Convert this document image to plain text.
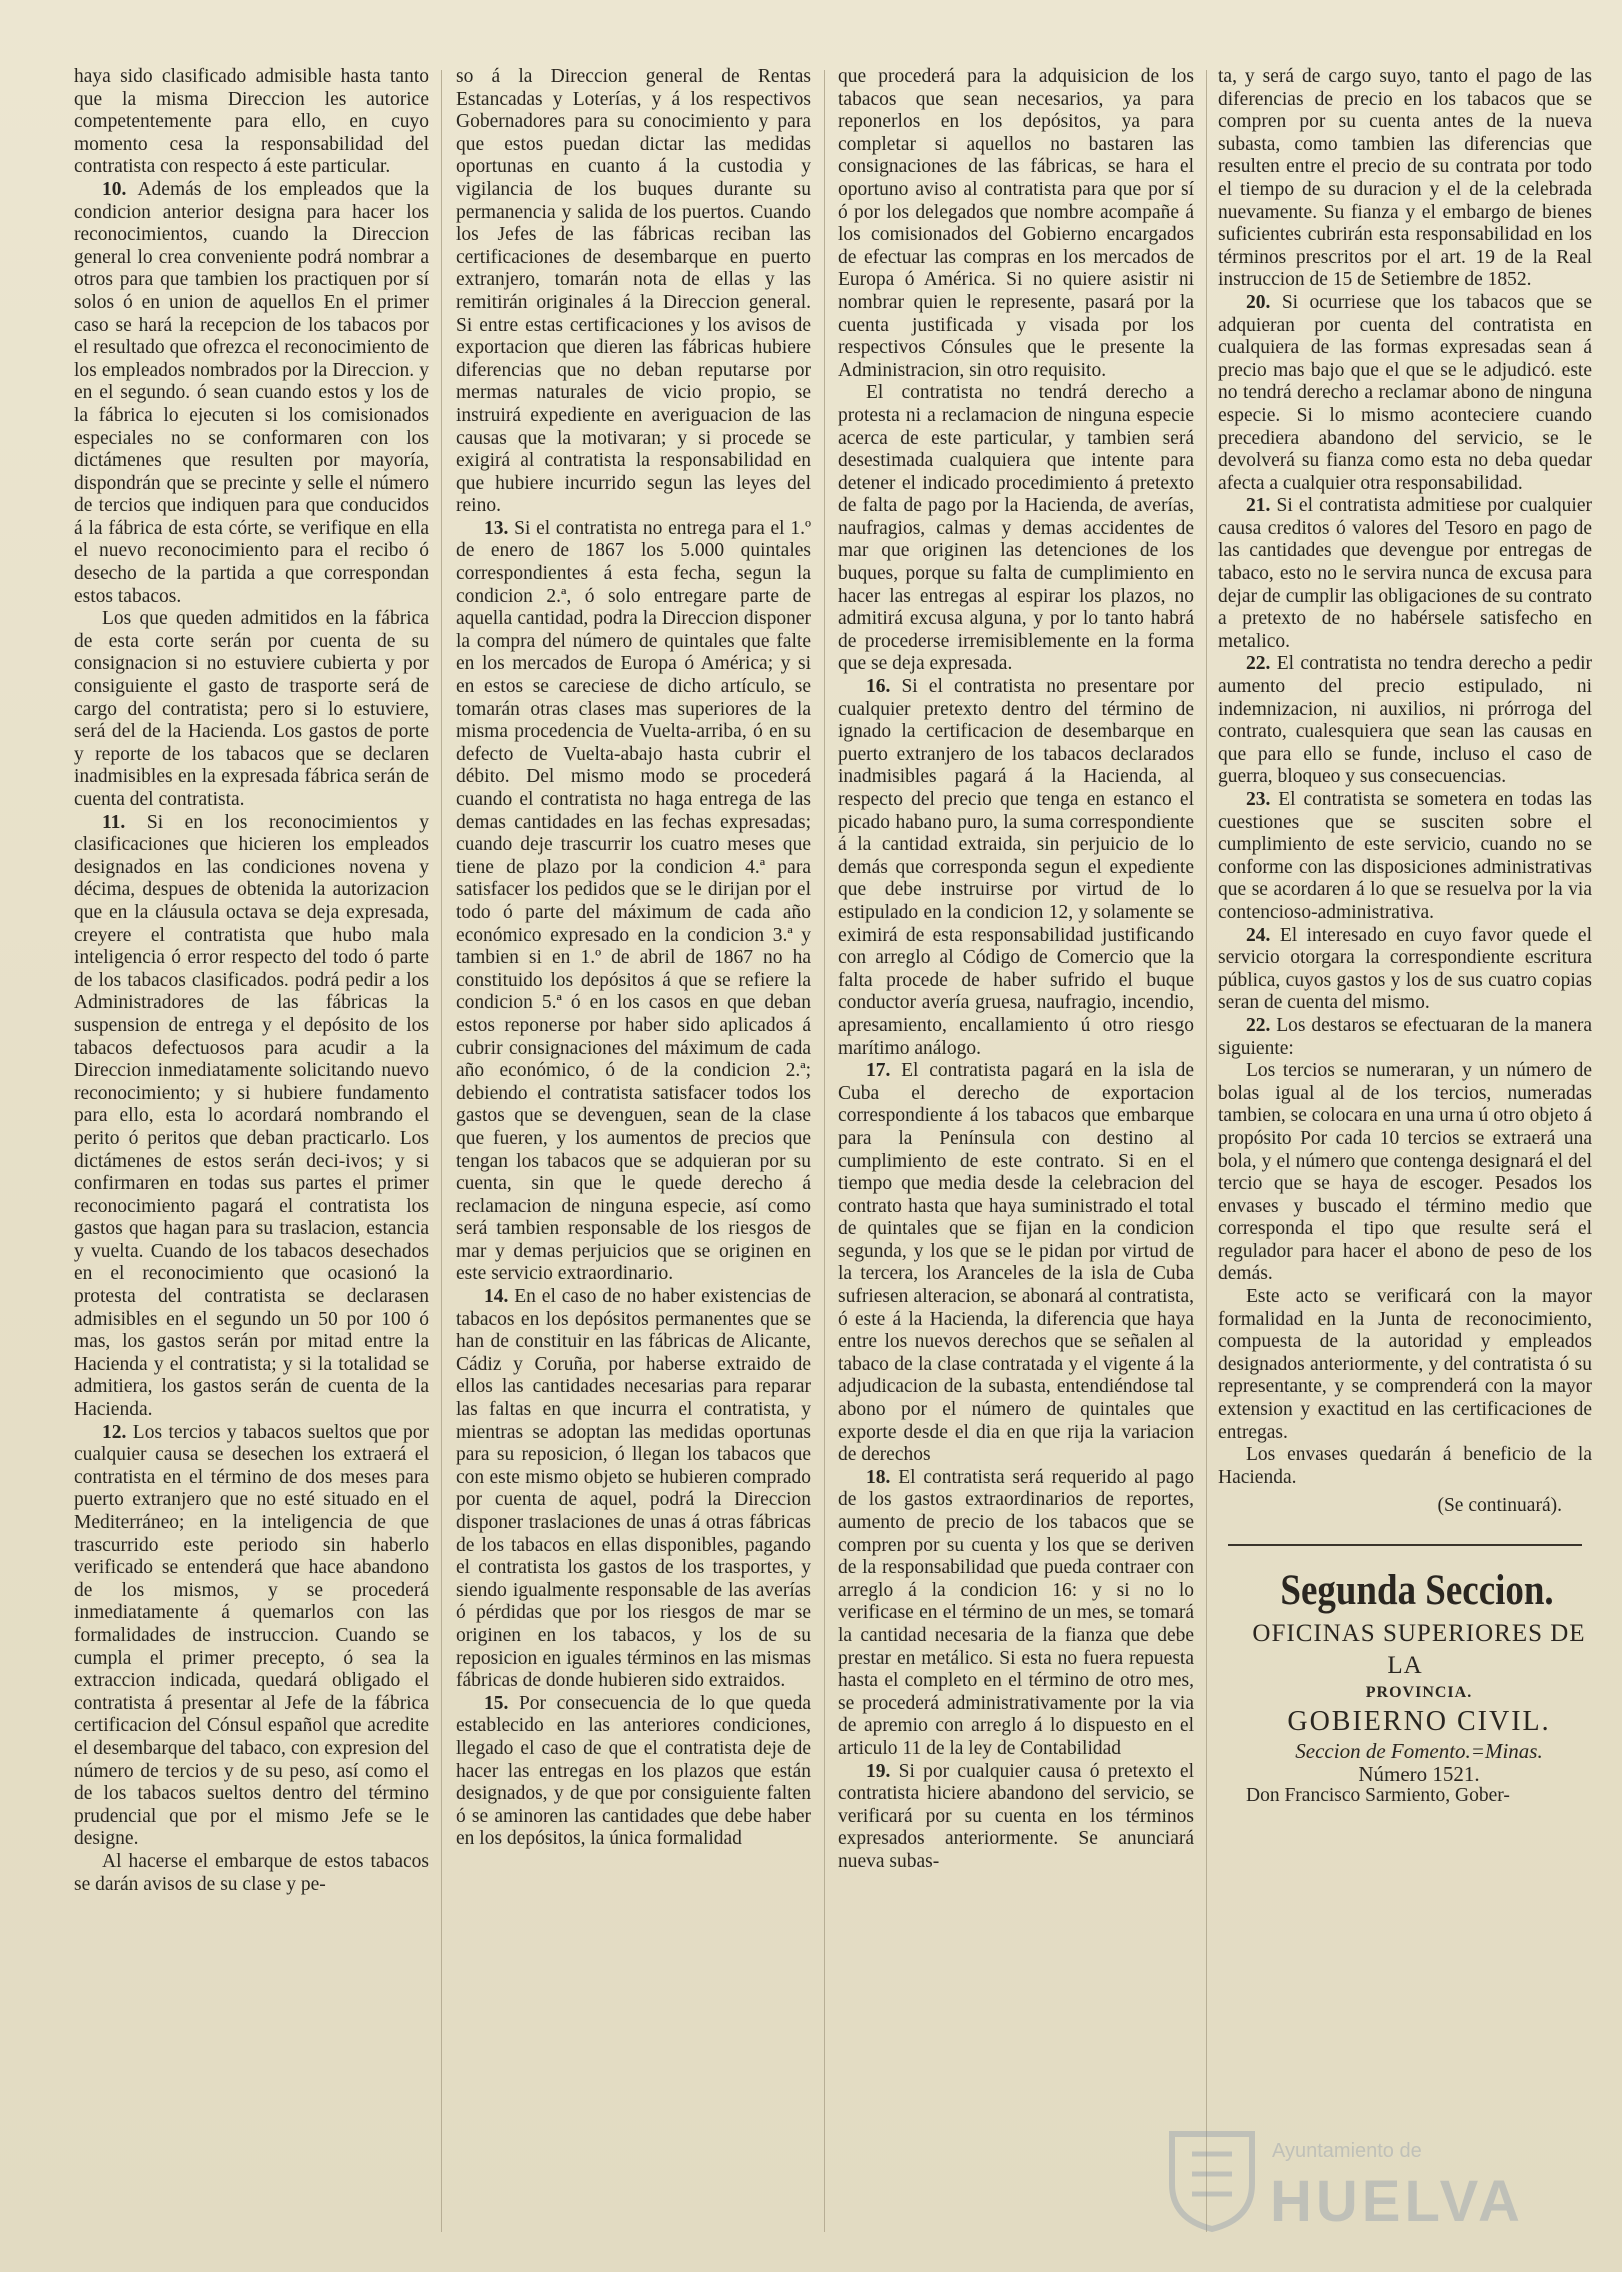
haya sido clasificado admisible hasta tanto que la misma Direccion les autorice competentemente para ello, en cuyo momento cesa la responsabilidad del contratista con respecto á este particular.

10. Además de los empleados que la condicion anterior designa para hacer los reconocimientos, cuando la Direccion general lo crea conveniente podrá nombrar a otros para que tambien los practiquen por sí solos ó en union de aquellos En el primer caso se hará la recepcion de los tabacos por el resultado que ofrezca el reconocimiento de los empleados nombrados por la Direccion. y en el segundo. ó sean cuando estos y los de la fábrica lo ejecuten si los comisionados especiales no se conformaren con los dictámenes que resulten por mayoría, dispondrán que se precinte y selle el número de tercios que indiquen para que conducidos á la fábrica de esta córte, se verifique en ella el nuevo reconocimiento para el recibo ó desecho de la partida a que correspondan estos tabacos.

Los que queden admitidos en la fábrica de esta corte serán por cuenta de su consignacion si no estuviere cubierta y por consiguiente el gasto de trasporte será de cargo del contratista; pero si lo estuviere, será del de la Hacienda. Los gastos de porte y reporte de los tabacos que se declaren inadmisibles en la expresada fábrica serán de cuenta del contratista.

11. Si en los reconocimientos y clasificaciones que hicieren los empleados designados en las condiciones novena y décima, despues de obtenida la autorizacion que en la cláusula octava se deja expresada, creyere el contratista que hubo mala inteligencia ó error respecto del todo ó parte de los tabacos clasificados. podrá pedir a los Administradores de las fábricas la suspension de entrega y el depósito de los tabacos defectuosos para acudir a la Direccion inmediatamente solicitando nuevo reconocimiento; y si hubiere fundamento para ello, esta lo acordará nombrando el perito ó peritos que deban practicarlo. Los dictámenes de estos serán deci-ivos; y si confirmaren en todas sus partes el primer reconocimiento pagará el contratista los gastos que hagan para su traslacion, estancia y vuelta. Cuando de los tabacos desechados en el reconocimiento que ocasionó la protesta del contratista se declarasen admisibles en el segundo un 50 por 100 ó mas, los gastos serán por mitad entre la Hacienda y el contratista; y si la totalidad se admitiera, los gastos serán de cuenta de la Hacienda.

12. Los tercios y tabacos sueltos que por cualquier causa se desechen los extraerá el contratista en el término de dos meses para puerto extranjero que no esté situado en el Mediterráneo; en la inteligencia de que trascurrido este periodo sin haberlo verificado se entenderá que hace abandono de los mismos, y se procederá inmediatamente á quemarlos con las formalidades de instruccion. Cuando se cumpla el primer precepto, ó sea la extraccion indicada, quedará obligado el contratista á presentar al Jefe de la fábrica certificacion del Cónsul español que acredite el desembarque del tabaco, con expresion del número de tercios y de su peso, así como el de los tabacos sueltos dentro del término prudencial que por el mismo Jefe se le designe.

Al hacerse el embarque de estos tabacos se darán avisos de su clase y pe-

so á la Direccion general de Rentas Estancadas y Loterías, y á los respectivos Gobernadores para su conocimiento y para que estos puedan dictar las medidas oportunas en cuanto á la custodia y vigilancia de los buques durante su permanencia y salida de los puertos. Cuando los Jefes de las fábricas reciban las certificaciones de desembarque en puerto extranjero, tomarán nota de ellas y las remitirán originales á la Direccion general. Si entre estas certificaciones y los avisos de exportacion que dieren las fábricas hubiere diferencias que no deban reputarse por mermas naturales de vicio propio, se instruirá expediente en averiguacion de las causas que la motivaran; y si procede se exigirá al contratista la responsabilidad en que hubiere incurrido segun las leyes del reino.

13. Si el contratista no entrega para el 1.º de enero de 1867 los 5.000 quintales correspondientes á esta fecha, segun la condicion 2.ª, ó solo entregare parte de aquella cantidad, podra la Direccion disponer la compra del número de quintales que falte en los mercados de Europa ó América; y si en estos se careciese de dicho artículo, se tomarán otras clases mas superiores de la misma procedencia de Vuelta-arriba, ó en su defecto de Vuelta-abajo hasta cubrir el débito. Del mismo modo se procederá cuando el contratista no haga entrega de las demas cantidades en las fechas expresadas; cuando deje trascurrir los cuatro meses que tiene de plazo por la condicion 4.ª para satisfacer los pedidos que se le dirijan por el todo ó parte del máximum de cada año económico expresado en la condicion 3.ª y tambien si en 1.º de abril de 1867 no ha constituido los depósitos á que se refiere la condicion 5.ª ó en los casos en que deban estos reponerse por haber sido aplicados á cubrir consignaciones del máximum de cada año económico, ó de la condicion 2.ª; debiendo el contratista satisfacer todos los gastos que se devenguen, sean de la clase que fueren, y los aumentos de precios que tengan los tabacos que se adquieran por su cuenta, sin que le quede derecho á reclamacion de ninguna especie, así como será tambien responsable de los riesgos de mar y demas perjuicios que se originen en este servicio extraordinario.

14. En el caso de no haber existencias de tabacos en los depósitos permanentes que se han de constituir en las fábricas de Alicante, Cádiz y Coruña, por haberse extraido de ellos las cantidades necesarias para reparar las faltas en que incurra el contratista, y mientras se adoptan las medidas oportunas para su reposicion, ó llegan los tabacos que con este mismo objeto se hubieren comprado por cuenta de aquel, podrá la Direccion disponer traslaciones de unas á otras fábricas de los tabacos en ellas disponibles, pagando el contratista los gastos de los trasportes, y siendo igualmente responsable de las averías ó pérdidas que por los riesgos de mar se originen en los tabacos, y los de su reposicion en iguales términos en las mismas fábricas de donde hubieren sido extraidos.

15. Por consecuencia de lo que queda establecido en las anteriores condiciones, llegado el caso de que el contratista deje de hacer las entregas en los plazos que están designados, y de que por consiguiente falten ó se aminoren las cantidades que debe haber en los depósitos, la única formalidad

que procederá para la adquisicion de los tabacos que sean necesarios, ya para reponerlos en los depósitos, ya para completar si aquellos no bastaren las consignaciones de las fábricas, se hara el oportuno aviso al contratista para que por sí ó por los delegados que nombre acompañe á los comisionados del Gobierno encargados de efectuar las compras en los mercados de Europa ó América. Si no quiere asistir ni nombrar quien le represente, pasará por la cuenta justificada y visada por los respectivos Cónsules que le presente la Administracion, sin otro requisito.

El contratista no tendrá derecho a protesta ni a reclamacion de ninguna especie acerca de este particular, y tambien será desestimada cualquiera que intente para detener el indicado procedimiento á pretexto de falta de pago por la Hacienda, de averías, naufragios, calmas y demas accidentes de mar que originen las detenciones de los buques, porque su falta de cumplimiento en hacer las entregas al espirar los plazos, no admitirá excusa alguna, y por lo tanto habrá de procederse irremisiblemente en la forma que se deja expresada.

16. Si el contratista no presentare por cualquier pretexto dentro del término de ignado la certificacion de desembarque en puerto extranjero de los tabacos declarados inadmisibles pagará á la Hacienda, al respecto del precio que tenga en estanco el picado habano puro, la suma correspondiente á la cantidad extraida, sin perjuicio de lo demás que corresponda segun el expediente que debe instruirse por virtud de lo estipulado en la condicion 12, y solamente se eximirá de esta responsabilidad justificando con arreglo al Código de Comercio que la falta procede de haber sufrido el buque conductor avería gruesa, naufragio, incendio, apresamiento, encallamiento ú otro riesgo marítimo análogo.

17. El contratista pagará en la isla de Cuba el derecho de exportacion correspondiente á los tabacos que embarque para la Península con destino al cumplimiento de este contrato. Si en el tiempo que media desde la celebracion del contrato hasta que haya suministrado el total de quintales que se fijan en la condicion segunda, y los que se le pidan por virtud de la tercera, los Aranceles de la isla de Cuba sufriesen alteracion, se abonará al contratista, ó este á la Hacienda, la diferencia que haya entre los nuevos derechos que se señalen al tabaco de la clase contratada y el vigente á la adjudicacion de la subasta, entendiéndose tal abono por el número de quintales que exporte desde el dia en que rija la variacion de derechos

18. El contratista será requerido al pago de los gastos extraordinarios de reportes, aumento de precio de los tabacos que se compren por su cuenta y los que se deriven de la responsabilidad que pueda contraer con arreglo á la condicion 16: y si no lo verificase en el término de un mes, se tomará la cantidad necesaria de la fianza que debe prestar en metálico. Si esta no fuera repuesta hasta el completo en el término de otro mes, se procederá administrativamente por la via de apremio con arreglo á lo dispuesto en el articulo 11 de la ley de Contabilidad

19. Si por cualquier causa ó pretexto el contratista hiciere abandono del servicio, se verificará por su cuenta en los términos expresados anteriormente. Se anunciará nueva subas-

ta, y será de cargo suyo, tanto el pago de las diferencias de precio en los tabacos que se compren por su cuenta antes de la nueva subasta, como tambien las diferencias que resulten entre el precio de su contrata por todo el tiempo de su duracion y el de la celebrada nuevamente. Su fianza y el embargo de bienes suficientes cubrirán esta responsabilidad en los términos prescritos por el art. 19 de la Real instruccion de 15 de Setiembre de 1852.

20. Si ocurriese que los tabacos que se adquieran por cuenta del contratista en cualquiera de las formas expresadas sean á precio mas bajo que el que se le adjudicó. este no tendrá derecho a reclamar abono de ninguna especie. Si lo mismo aconteciere cuando precediera abandono del servicio, se le devolverá su fianza como esta no deba quedar afecta a cualquier otra responsabilidad.

21. Si el contratista admitiese por cualquier causa creditos ó valores del Tesoro en pago de las cantidades que devengue por entregas de tabaco, esto no le servira nunca de excusa para dejar de cumplir las obligaciones de su contrato a pretexto de no habérsele satisfecho en metalico.

22. El contratista no tendra derecho a pedir aumento del precio estipulado, ni indemnizacion, ni auxilios, ni prórroga del contrato, cualesquiera que sean las causas en que para ello se funde, incluso el caso de guerra, bloqueo y sus consecuencias.

23. El contratista se sometera en todas las cuestiones que se susciten sobre el cumplimiento de este servicio, cuando no se conforme con las disposiciones administrativas que se acordaren á lo que se resuelva por la via contencioso-administrativa.

24. El interesado en cuyo favor quede el servicio otorgara la correspondiente escritura pública, cuyos gastos y los de sus cuatro copias seran de cuenta del mismo.

22. Los destaros se efectuaran de la manera siguiente:

Los tercios se numeraran, y un número de bolas igual al de los tercios, numeradas tambien, se colocara en una urna ú otro objeto á propósito Por cada 10 tercios se extraerá una bola, y el número que contenga designará el del tercio que se haya de escoger. Pesados los envases y buscado el término medio que corresponda el tipo que resulte será el regulador para hacer el abono de peso de los demás.

Este acto se verificará con la mayor formalidad en la Junta de reconocimiento, compuesta de la autoridad y empleados designados anteriormente, y del contratista ó su representante, y se comprenderá con la mayor extension y exactitud en las certificaciones de entregas.

Los envases quedarán á beneficio de la Hacienda.

(Se continuará).

Segunda Seccion.

OFICINAS SUPERIORES DE LA

PROVINCIA.

GOBIERNO CIVIL.

Seccion de Fomento.=Minas.

Número 1521.

Don Francisco Sarmiento, Gober-

Ayuntamiento de
HUELVA
